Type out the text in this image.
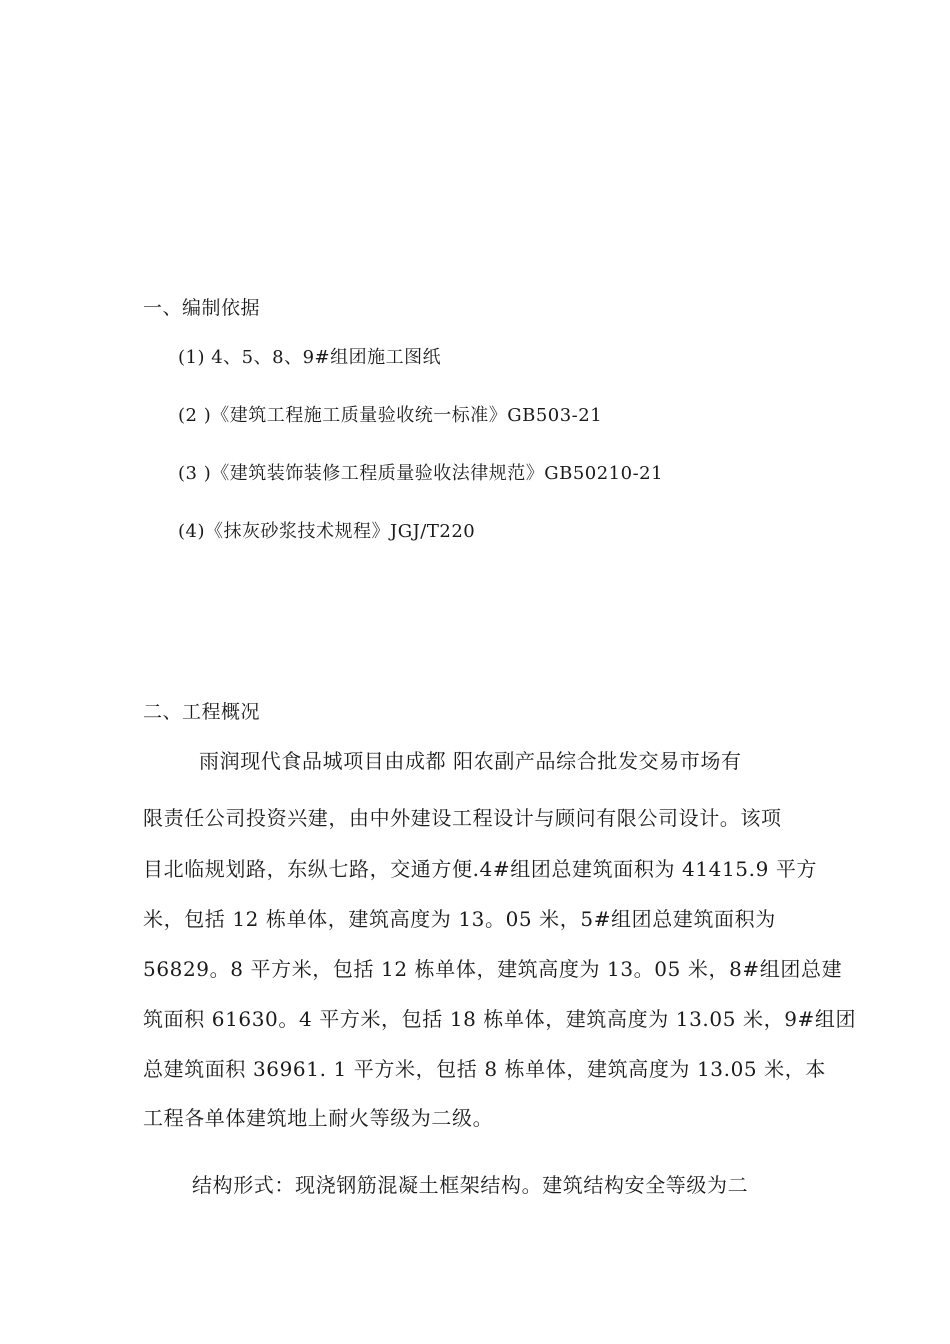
一、编制依据
(1) 4、5、8、9#组团施工图纸
(2 )《建筑工程施工质量验收统一标准》GB503-21
(3 )《建筑装饰装修工程质量验收法律规范》GB50210-21
(4)《抹灰砂浆技术规程》JGJ/T220
二、工程概况
雨润现代食品城项目由成都 阳农副产品综合批发交易市场有
限责任公司投资兴建，由中外建设工程设计与顾问有限公司设计。该项
目北临规划路，东纵七路，交通方便.4#组团总建筑面积为 41415.9 平方
米，包括 12 栋单体，建筑高度为 13。05 米，5#组团总建筑面积为
56829。8 平方米，包括 12 栋单体，建筑高度为 13。05 米，8#组团总建
筑面积 61630。4 平方米，包括 18 栋单体，建筑高度为 13.05 米，9#组团
总建筑面积 36961. 1 平方米，包括 8 栋单体，建筑高度为 13.05 米，本
工程各单体建筑地上耐火等级为二级。
结构形式：现浇钢筋混凝土框架结构。建筑结构安全等级为二
